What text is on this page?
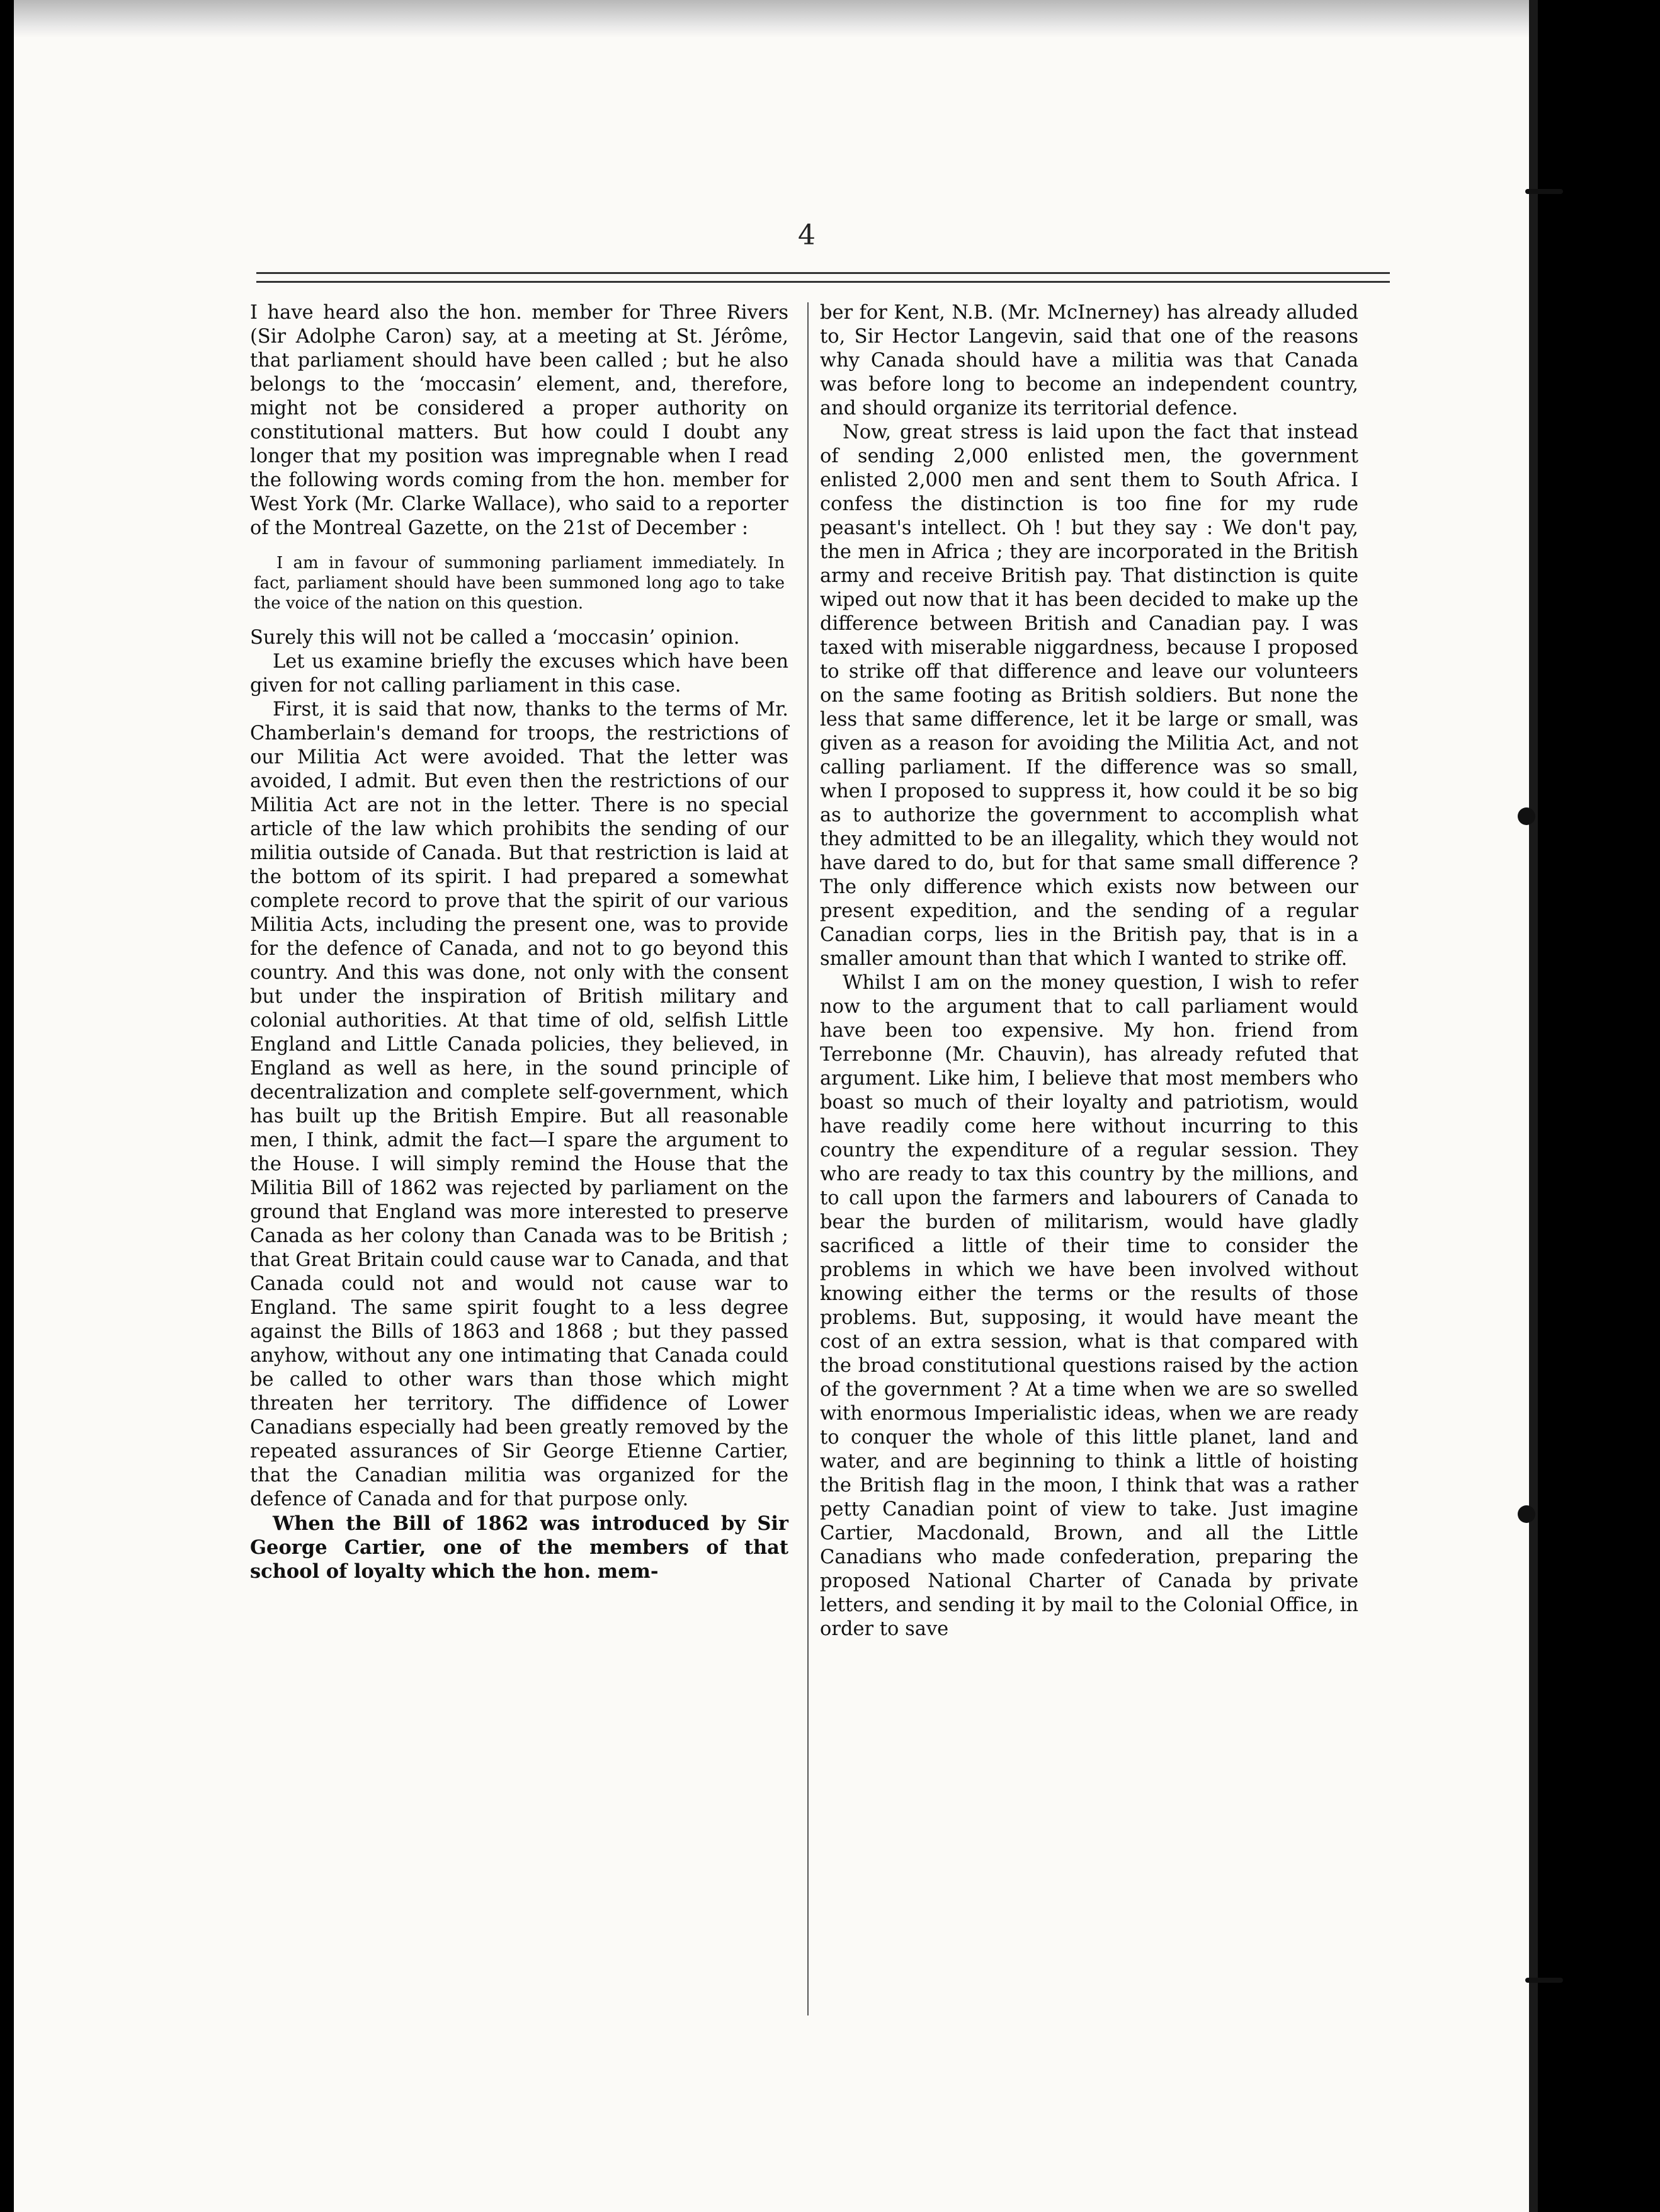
4

I have heard also the hon. member for Three Rivers (Sir Adolphe Caron) say, at a meeting at St. Jérôme, that parliament should have been called ; but he also belongs to the ‘moccasin’ element, and, therefore, might not be considered a proper authority on constitutional matters. But how could I doubt any longer that my position was impregnable when I read the following words coming from the hon. member for West York (Mr. Clarke Wallace), who said to a reporter of the Montreal Gazette, on the 21st of December :

I am in favour of summoning parliament immediately. In fact, parliament should have been summoned long ago to take the voice of the nation on this question.

Surely this will not be called a ‘moccasin’ opinion.

Let us examine briefly the excuses which have been given for not calling parliament in this case.

First, it is said that now, thanks to the terms of Mr. Chamberlain's demand for troops, the restrictions of our Militia Act were avoided. That the letter was avoided, I admit. But even then the restrictions of our Militia Act are not in the letter. There is no special article of the law which prohibits the sending of our militia outside of Canada. But that restriction is laid at the bottom of its spirit. I had prepared a somewhat complete record to prove that the spirit of our various Militia Acts, including the present one, was to provide for the defence of Canada, and not to go beyond this country. And this was done, not only with the consent but under the inspiration of British military and colonial authorities. At that time of old, selfish Little England and Little Canada policies, they believed, in England as well as here, in the sound principle of decentralization and complete self-government, which has built up the British Empire. But all reasonable men, I think, admit the fact—I spare the argument to the House. I will simply remind the House that the Militia Bill of 1862 was rejected by parliament on the ground that England was more interested to preserve Canada as her colony than Canada was to be British ; that Great Britain could cause war to Canada, and that Canada could not and would not cause war to England. The same spirit fought to a less degree against the Bills of 1863 and 1868 ; but they passed anyhow, without any one intimating that Canada could be called to other wars than those which might threaten her territory. The diffidence of Lower Canadians especially had been greatly removed by the repeated assurances of Sir George Etienne Cartier, that the Canadian militia was organized for the defence of Canada and for that purpose only.

When the Bill of 1862 was introduced by Sir George Cartier, one of the members of that school of loyalty which the hon. mem-

ber for Kent, N.B. (Mr. McInerney) has already alluded to, Sir Hector Langevin, said that one of the reasons why Canada should have a militia was that Canada was before long to become an independent country, and should organize its territorial defence.

Now, great stress is laid upon the fact that instead of sending 2,000 enlisted men, the government enlisted 2,000 men and sent them to South Africa. I confess the distinction is too fine for my rude peasant's intellect. Oh ! but they say : We don't pay, the men in Africa ; they are incorporated in the British army and receive British pay. That distinction is quite wiped out now that it has been decided to make up the difference between British and Canadian pay. I was taxed with miserable niggardness, because I proposed to strike off that difference and leave our volunteers on the same footing as British soldiers. But none the less that same difference, let it be large or small, was given as a reason for avoiding the Militia Act, and not calling parliament. If the difference was so small, when I proposed to suppress it, how could it be so big as to authorize the government to accomplish what they admitted to be an illegality, which they would not have dared to do, but for that same small difference ? The only difference which exists now between our present expedition, and the sending of a regular Canadian corps, lies in the British pay, that is in a smaller amount than that which I wanted to strike off.

Whilst I am on the money question, I wish to refer now to the argument that to call parliament would have been too expensive. My hon. friend from Terrebonne (Mr. Chauvin), has already refuted that argument. Like him, I believe that most members who boast so much of their loyalty and patriotism, would have readily come here without incurring to this country the expenditure of a regular session. They who are ready to tax this country by the millions, and to call upon the farmers and labourers of Canada to bear the burden of militarism, would have gladly sacrificed a little of their time to consider the problems in which we have been involved without knowing either the terms or the results of those problems. But, supposing, it would have meant the cost of an extra session, what is that compared with the broad constitutional questions raised by the action of the government ? At a time when we are so swelled with enormous Imperialistic ideas, when we are ready to conquer the whole of this little planet, land and water, and are beginning to think a little of hoisting the British flag in the moon, I think that was a rather petty Canadian point of view to take. Just imagine Cartier, Macdonald, Brown, and all the Little Canadians who made confederation, preparing the proposed National Charter of Canada by private letters, and sending it by mail to the Colonial Office, in order to save
